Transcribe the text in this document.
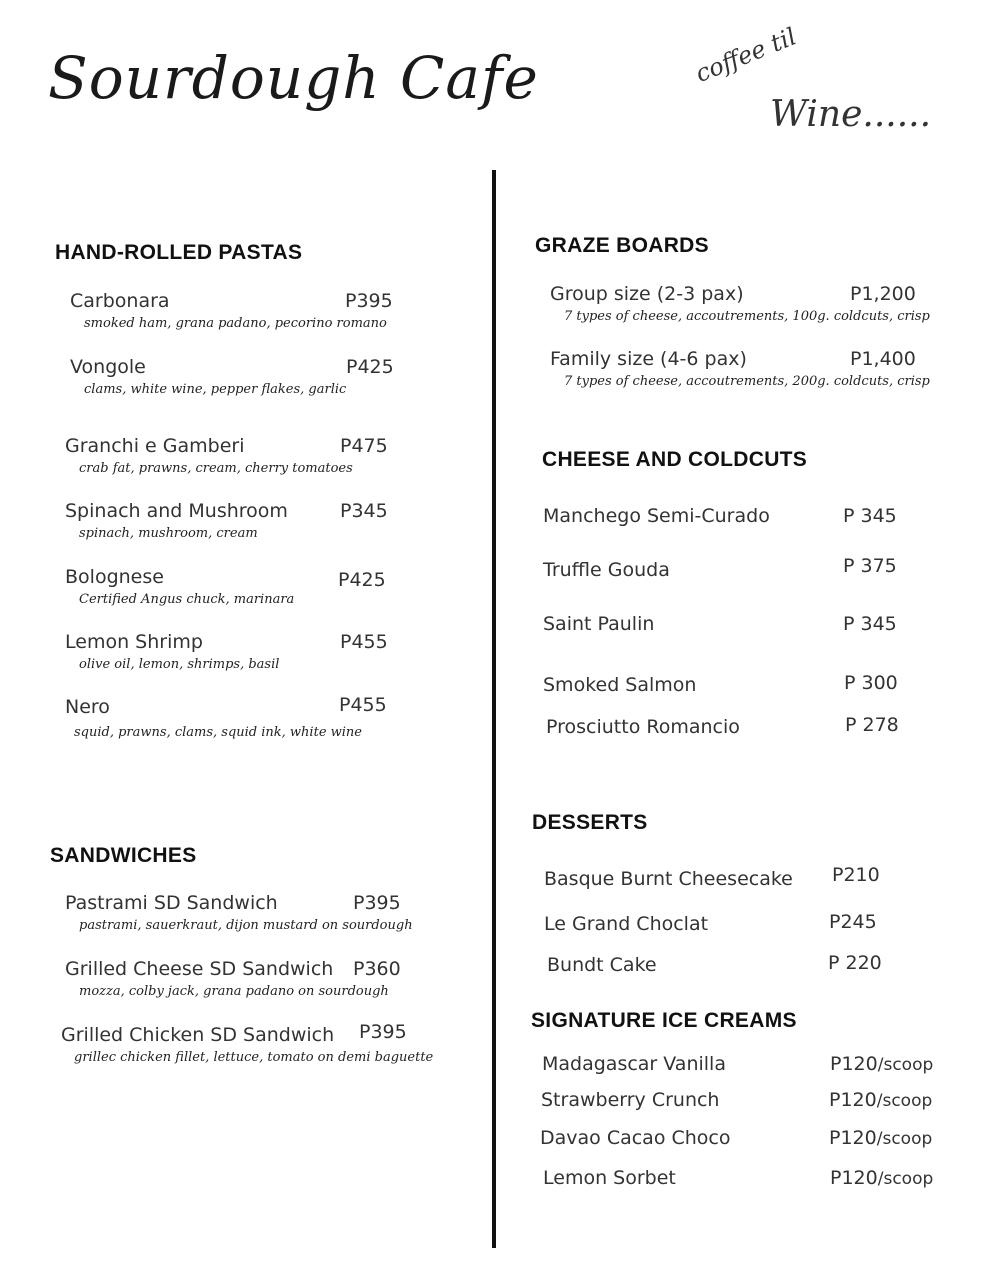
Sourdough Cafe	coffee til
Wine......
HAND-ROLLED PASTAS
Carbonara	P395
smoked ham, grana padano, pecorino romano
Vongole	P425
clams, white wine, pepper flakes, garlic
Granchi e Gamberi	P475
crab fat, prawns, cream, cherry tomatoes
Spinach and Mushroom	P345
spinach, mushroom, cream
Bolognese	P425
Certified Angus chuck, marinara
Lemon Shrimp	P455
olive oil, lemon, shrimps, basil
Nero	P455
squid, prawns, clams, squid ink, white wine
SANDWICHES
Pastrami SD Sandwich	P395
pastrami, sauerkraut, dijon mustard on sourdough
Grilled Cheese SD Sandwich P360
mozza, colby jack, grana padano on sourdough
Grilled Chicken SD Sandwich P395
grillec chicken fillet, lettuce, tomato on demi baguette
GRAZE BOARDS
Group size (2-3 pax)	P1,200
7 types of cheese, accoutrements, 100g. coldcuts, crisp
Family size (4-6 pax)	P1,400
7 types of cheese, accoutrements, 200g. coldcuts, crisp
CHEESE AND COLDCUTS
Manchego Semi-Curado	P 345
Truffle Gouda	P 375
Saint Paulin	P 345
Smoked Salmon	P 300
Prosciutto Romancio	P 278
DESSERTS
Basque Burnt Cheesecake P210
Le Grand Choclat	P245
Bundt Cake	P 220
SIGNATURE ICE CREAMS
Madagascar Vanilla	P120/scoop
Strawberry Crunch	P120/scoop
Davao Cacao Choco	P120/scoop
Lemon Sorbet	P120/scoop
